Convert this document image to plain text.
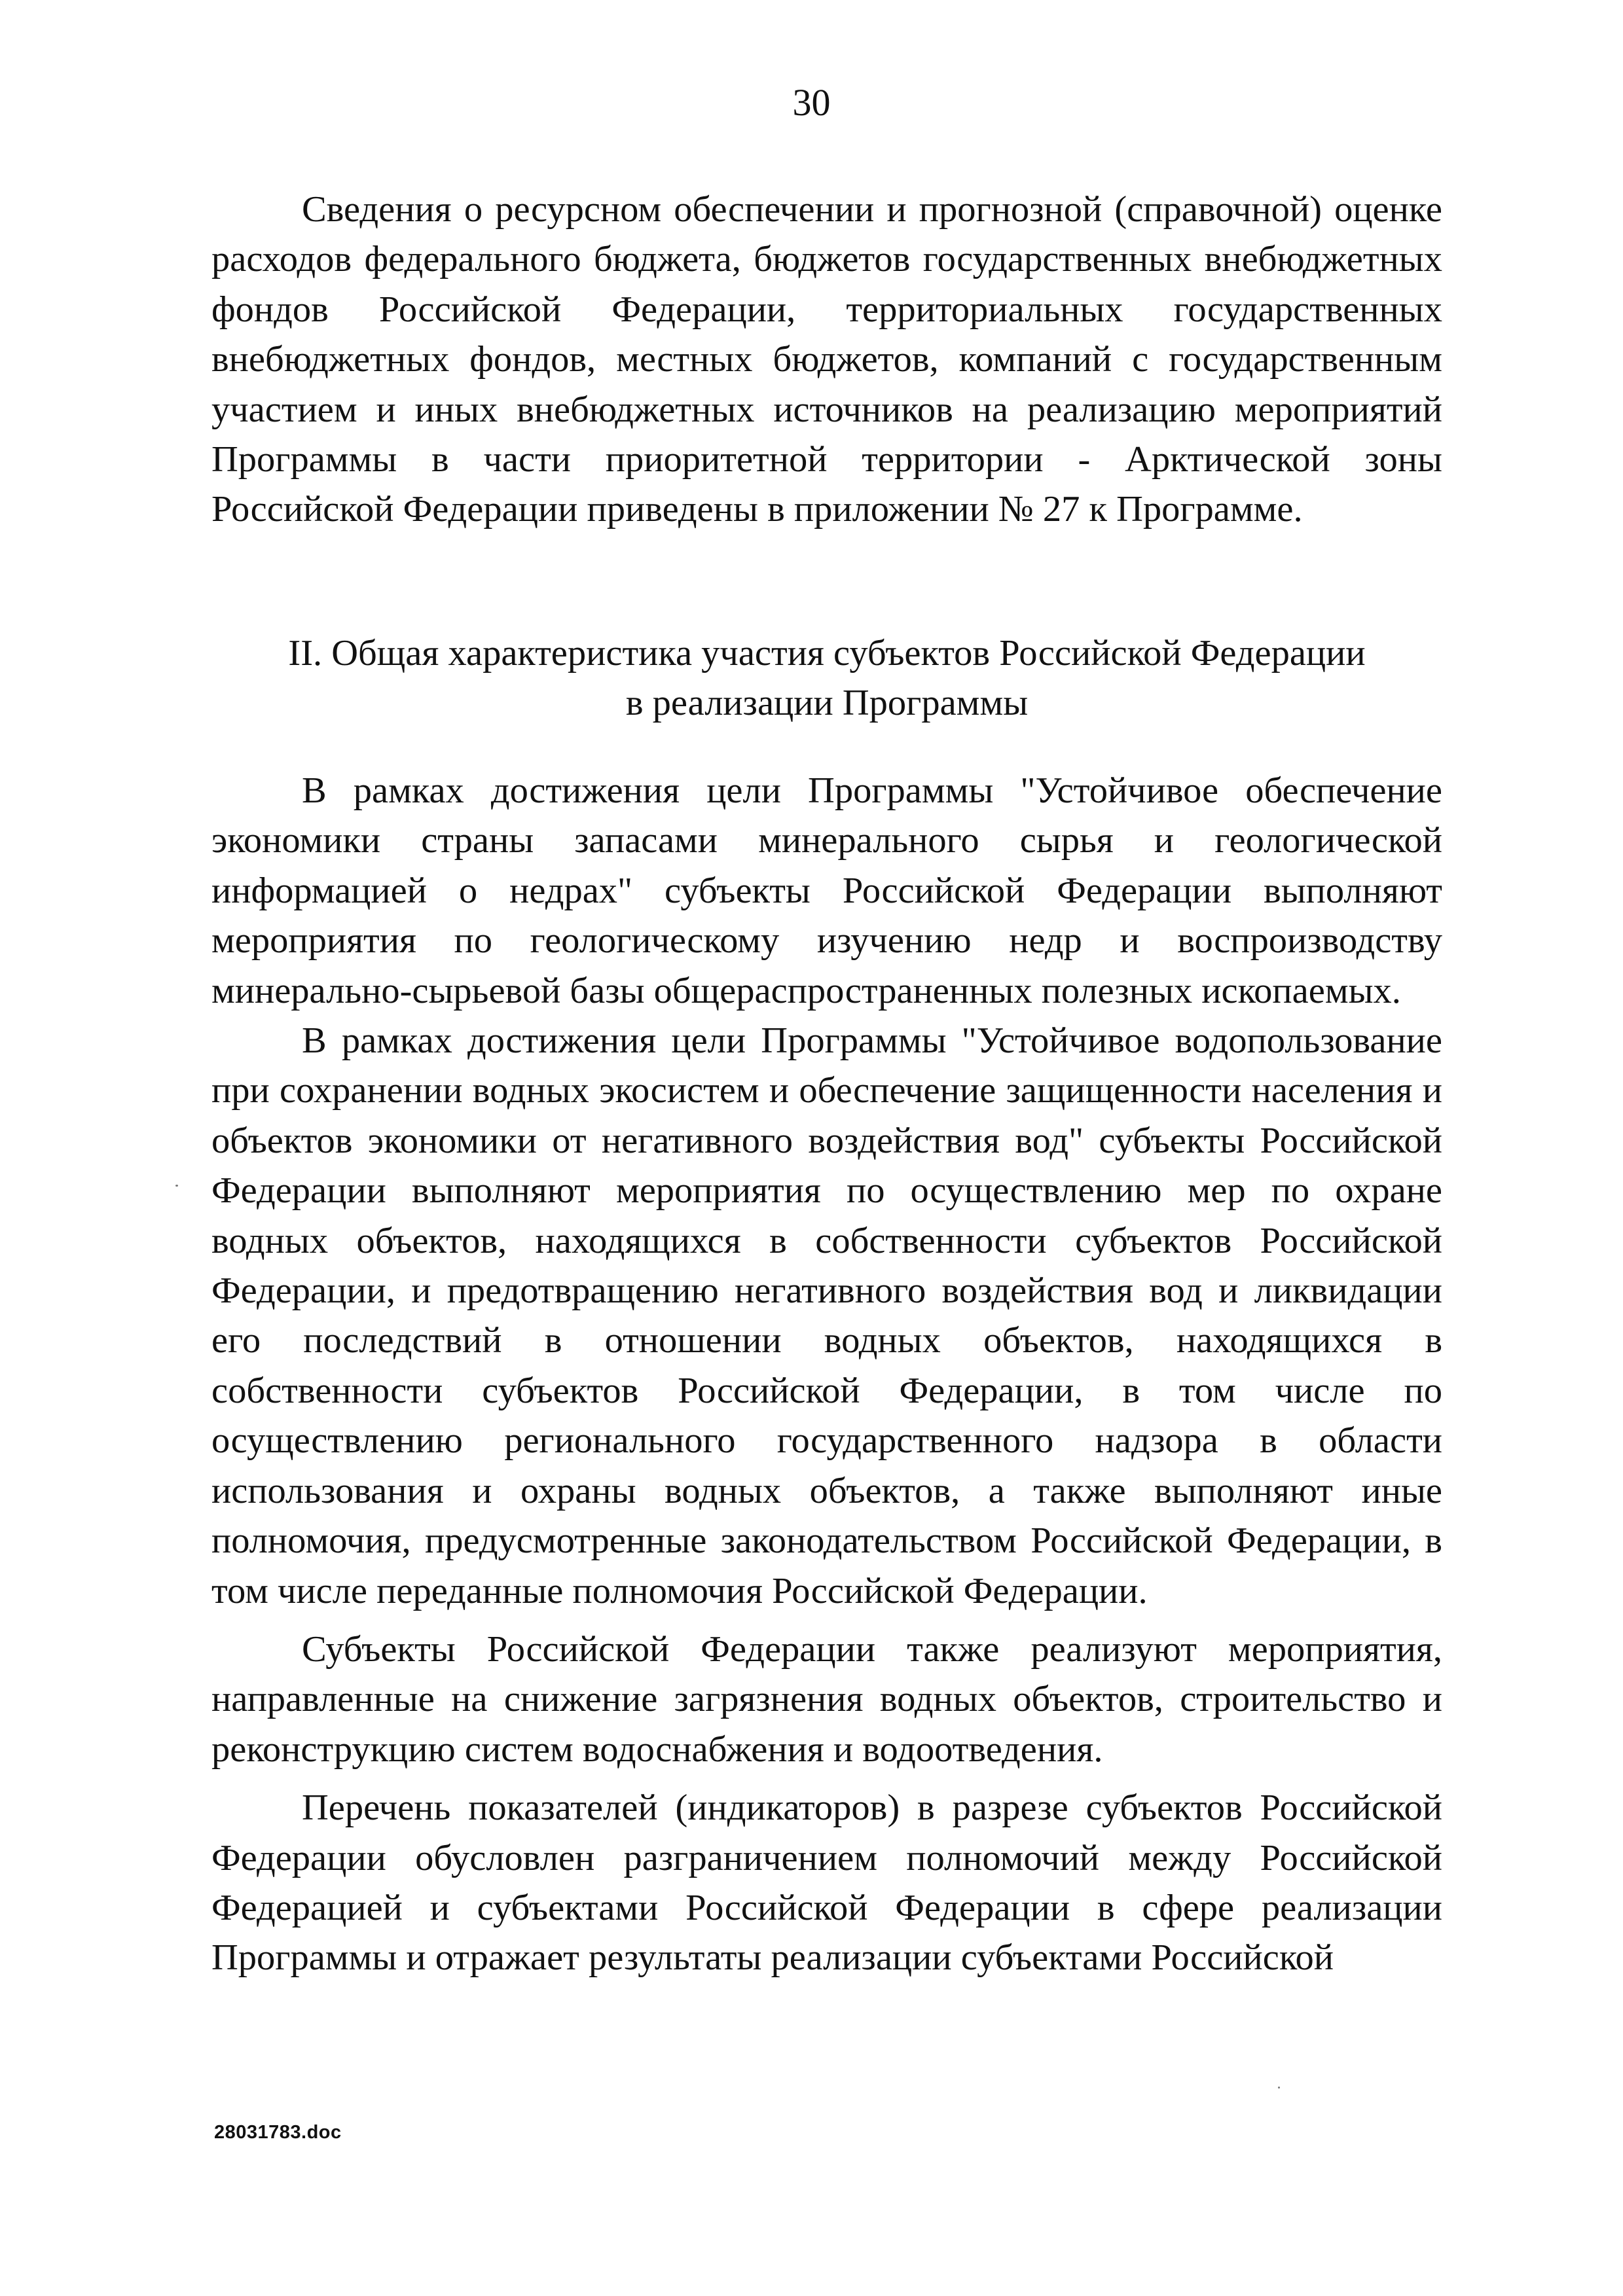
30

Сведения о ресурсном обеспечении и прогнозной (справочной) оценке расходов федерального бюджета, бюджетов государственных внебюджетных фондов Российской Федерации, территориальных государственных внебюджетных фондов, местных бюджетов, компаний с государственным участием и иных внебюджетных источников на реализацию мероприятий Программы в части приоритетной территории - Арктической зоны Российской Федерации приведены в приложении № 27 к Программе.

II. Общая характеристика участия субъектов Российской Федерации
в реализации Программы

В рамках достижения цели Программы "Устойчивое обеспечение экономики страны запасами минерального сырья и геологической информацией о недрах" субъекты Российской Федерации выполняют мероприятия по геологическому изучению недр и воспроизводству минерально-сырьевой базы общераспространенных полезных ископаемых.

В рамках достижения цели Программы "Устойчивое водопользование при сохранении водных экосистем и обеспечение защищенности населения и объектов экономики от негативного воздействия вод" субъекты Российской Федерации выполняют мероприятия по осуществлению мер по охране водных объектов, находящихся в собственности субъектов Российской Федерации, и предотвращению негативного воздействия вод и ликвидации его последствий в отношении водных объектов, находящихся в собственности субъектов Российской Федерации, в том числе по осуществлению регионального государственного надзора в области использования и охраны водных объектов, а также выполняют иные полномочия, предусмотренные законодательством Российской Федерации, в том числе переданные полномочия Российской Федерации.

Субъекты Российской Федерации также реализуют мероприятия, направленные на снижение загрязнения водных объектов, строительство и реконструкцию систем водоснабжения и водоотведения.

Перечень показателей (индикаторов) в разрезе субъектов Российской Федерации обусловлен разграничением полномочий между Российской Федерацией и субъектами Российской Федерации в сфере реализации Программы и отражает результаты реализации субъектами Российской

28031783.doc
